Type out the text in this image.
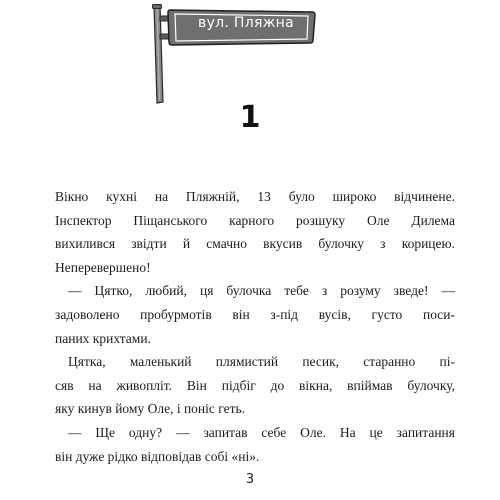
вул. Пляжна
1
Вікно кухні на Пляжній, 13 було широко відчинене.
Інспектор Піщанського карного розшуку Оле Дилема
вихилився звідти й смачно вкусив булочку з корицею.
Неперевершено!
— Цятко, любий, ця булочка тебе з розуму зведе! —
задоволено пробурмотів він з-під вусів, густо поси-
паних крихтами.
Цятка, маленький плямистий песик, старанно пі-
сяв на живопліт. Він підбіг до вікна, впіймав булочку,
яку кинув йому Оле, і поніс геть.
— Ще одну? — запитав себе Оле. На це запитання
він дуже рідко відповідав собі «ні».
3
